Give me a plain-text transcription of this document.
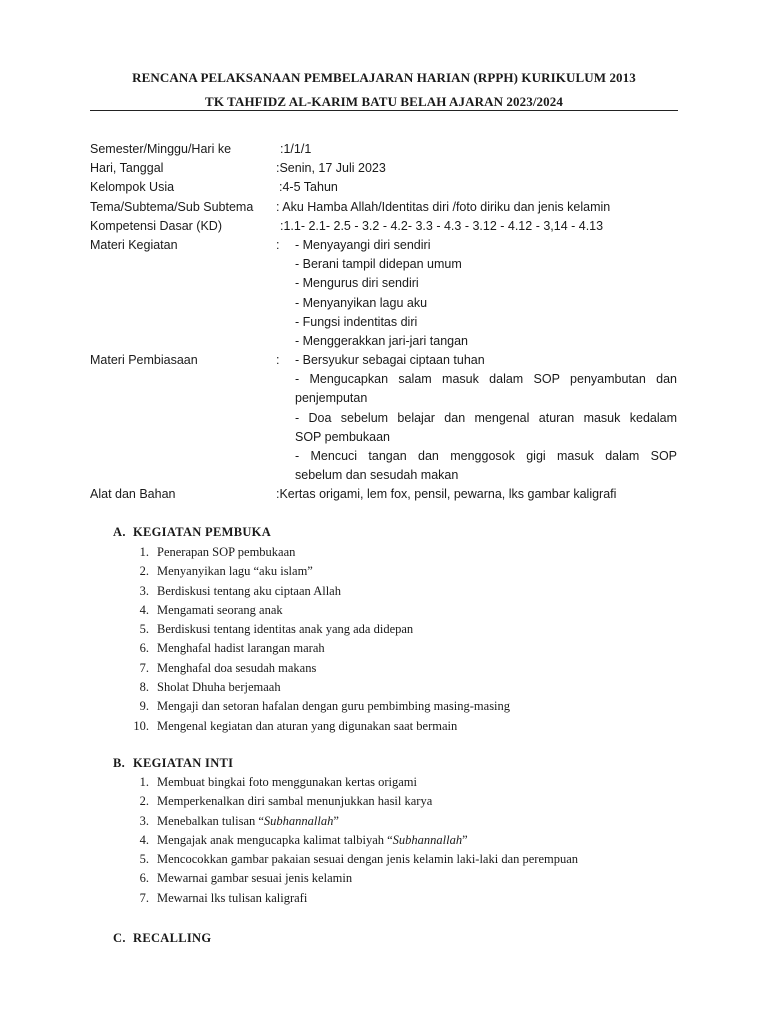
RENCANA PELAKSANAAN PEMBELAJARAN HARIAN (RPPH) KURIKULUM 2013
TK TAHFIDZ AL-KARIM BATU BELAH AJARAN 2023/2024
Semester/Minggu/Hari ke	:1/1/1
Hari, Tanggal	:Senin, 17 Juli 2023
Kelompok Usia	:4-5 Tahun
Tema/Subtema/Sub Subtema : Aku Hamba Allah/Identitas diri /foto diriku dan jenis kelamin
Kompetensi Dasar (KD)	:1.1- 2.1- 2.5 - 3.2 - 4.2- 3.3 - 4.3 - 3.12 - 4.12 - 3,14 - 4.13
Materi Kegiatan	: - Menyayangi diri sendiri
- Berani tampil didepan umum
- Mengurus diri sendiri
- Menyanyikan lagu aku
- Fungsi indentitas diri
- Menggerakkan jari-jari tangan
Materi Pembiasaan	: - Bersyukur sebagai ciptaan tuhan
- Mengucapkan salam masuk dalam SOP penyambutan dan
penjemputan
- Doa sebelum belajar dan mengenal aturan masuk kedalam
SOP pembukaan
- Mencuci tangan dan menggosok gigi masuk dalam SOP
sebelum dan sesudah makan
Alat dan Bahan	:Kertas origami, lem fox, pensil, pewarna, lks gambar kaligrafi
A. KEGIATAN PEMBUKA
1. Penerapan SOP pembukaan
2. Menyanyikan lagu “aku islam”
3. Berdiskusi tentang aku ciptaan Allah
4. Mengamati seorang anak
5. Berdiskusi tentang identitas anak yang ada didepan
6. Menghafal hadist larangan marah
7. Menghafal doa sesudah makans
8. Sholat Dhuha berjemaah
9. Mengaji dan setoran hafalan dengan guru pembimbing masing-masing
10. Mengenal kegiatan dan aturan yang digunakan saat bermain
B. KEGIATAN INTI
1. Membuat bingkai foto menggunakan kertas origami
2. Memperkenalkan diri sambal menunjukkan hasil karya
3. Menebalkan tulisan “Subhannallah”
4. Mengajak anak mengucapka kalimat talbiyah “Subhannallah”
5. Mencocokkan gambar pakaian sesuai dengan jenis kelamin laki-laki dan perempuan
6. Mewarnai gambar sesuai jenis kelamin
7. Mewarnai lks tulisan kaligrafi
C. RECALLING
